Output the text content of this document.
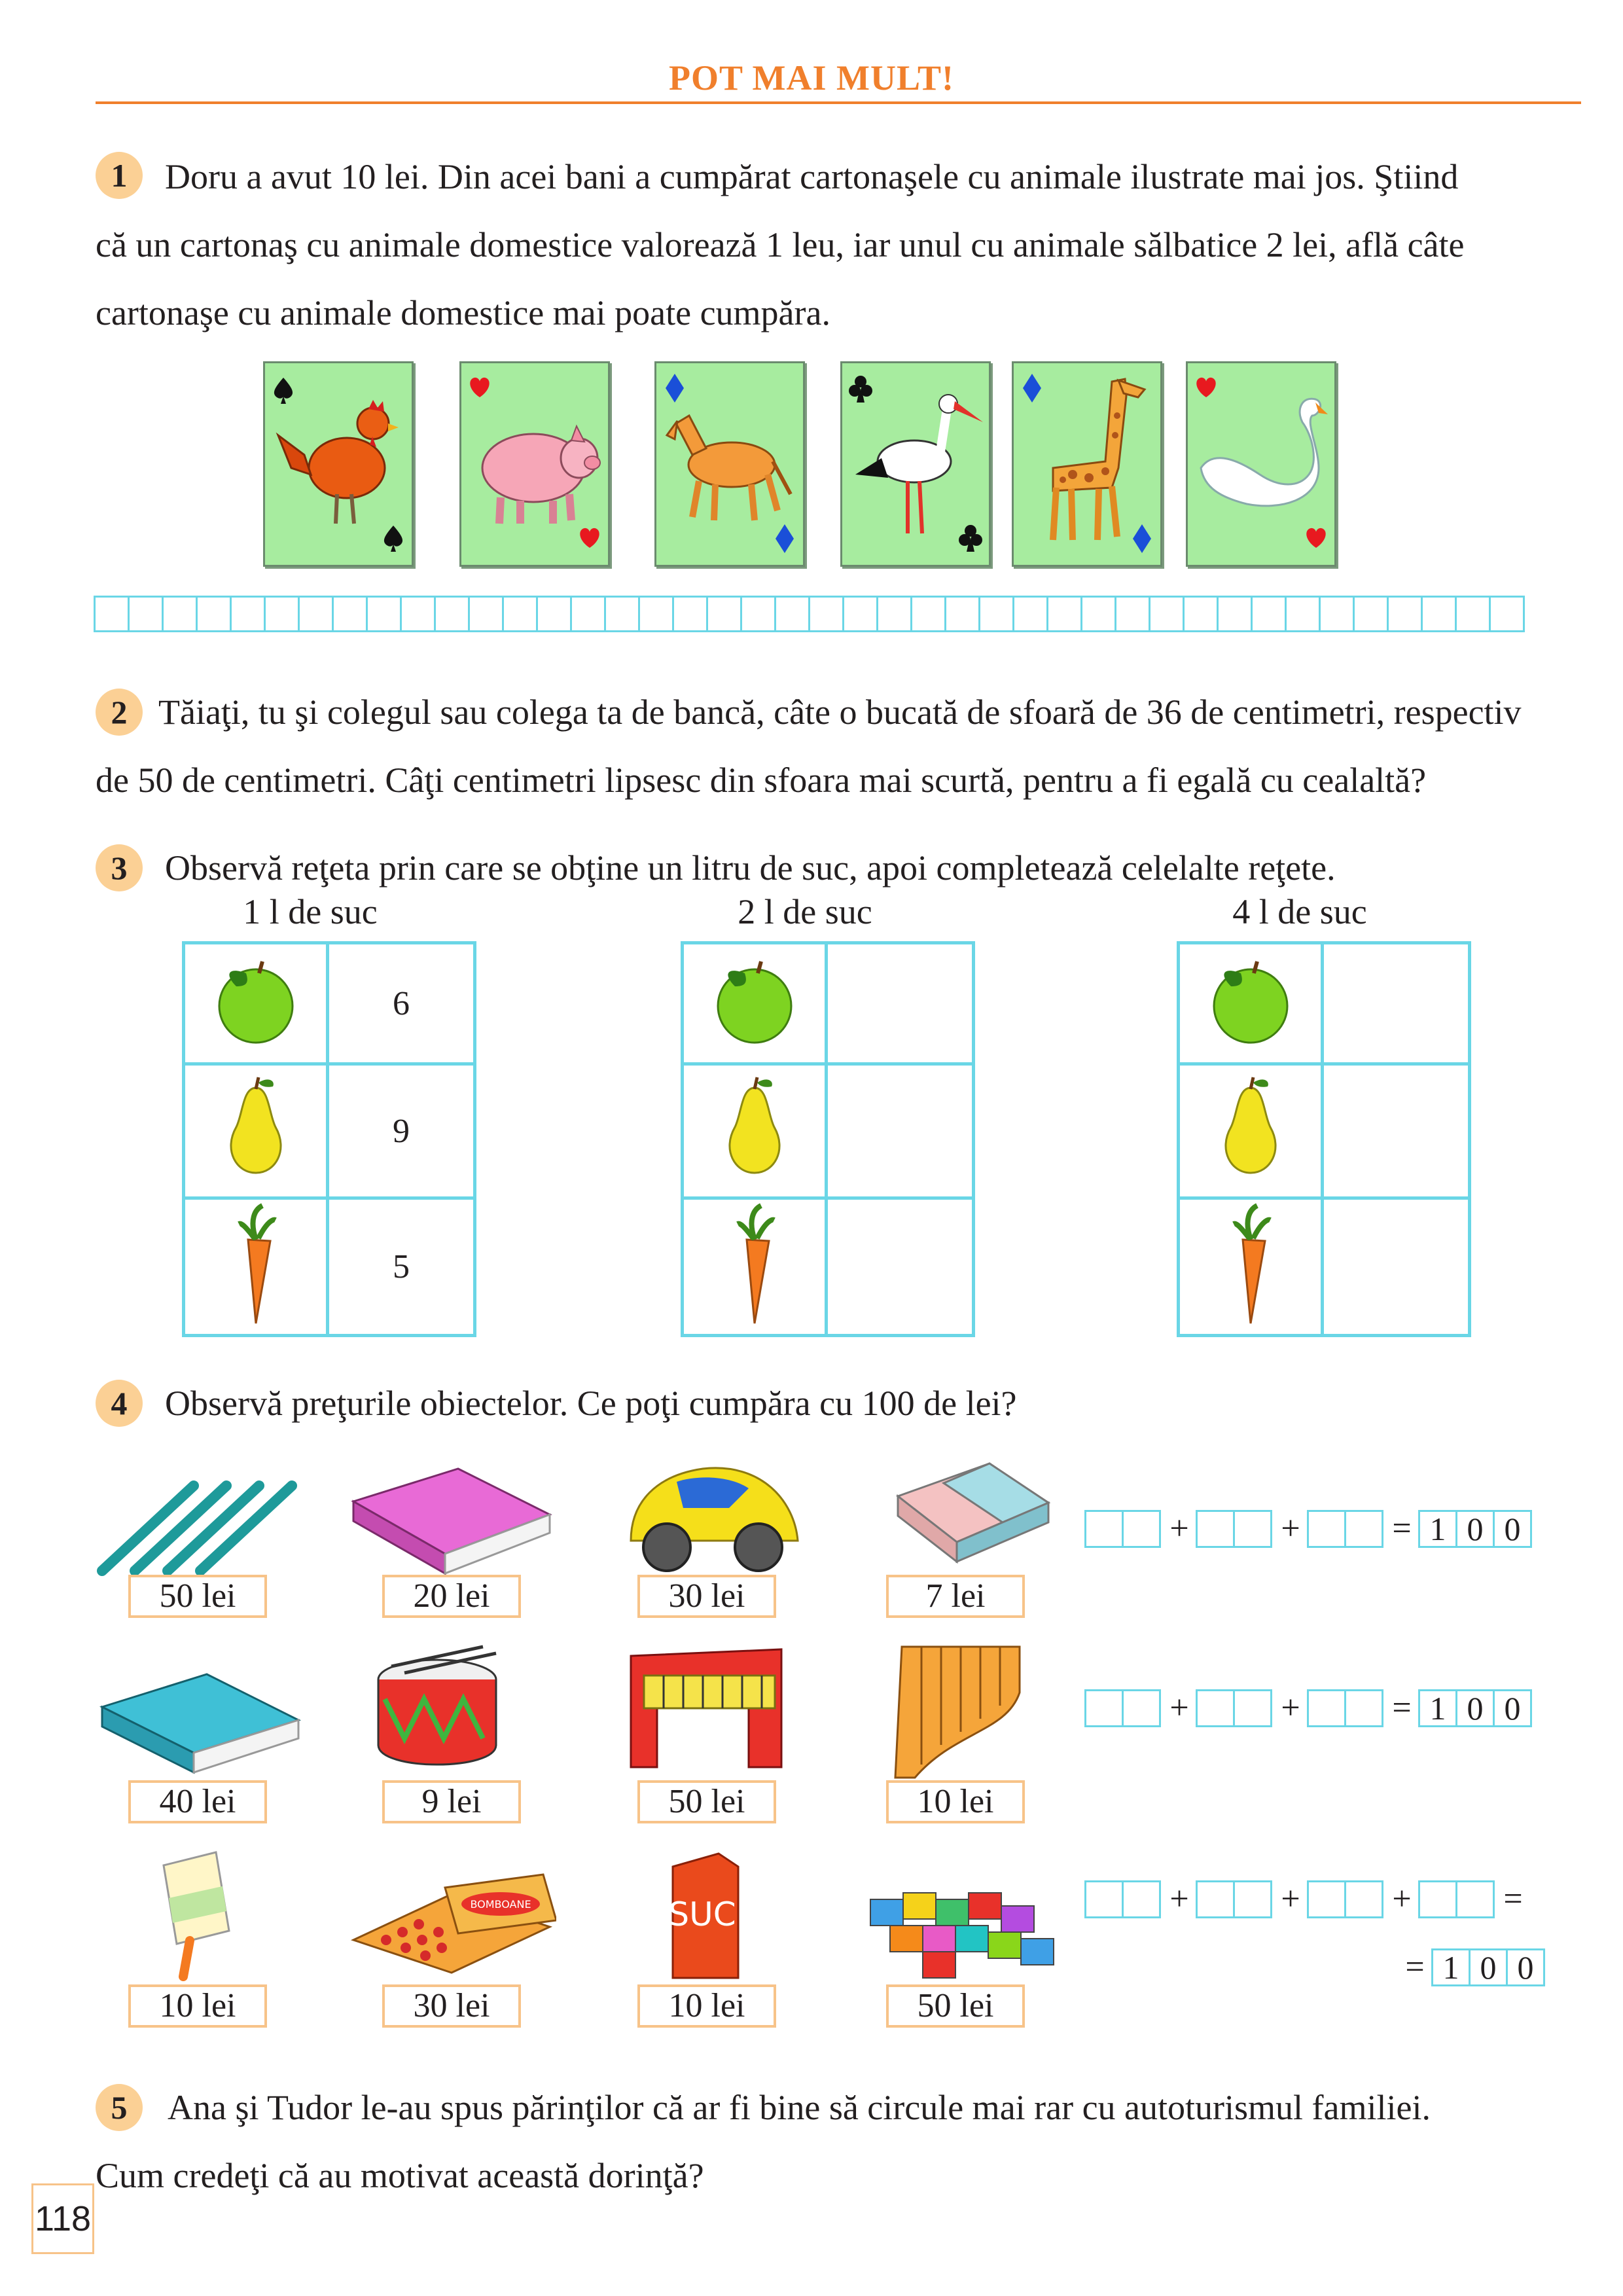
POT MAI MULT!
1	Doru a avut 10 lei. Din acei bani a cumpărat cartonaşele cu animale ilustrate mai jos. Ştiind
că un cartonaş cu animale domestice valorează 1 leu, iar unul cu animale sălbatice 2 lei, află câte
cartonaşe cu animale domestice mai poate cumpăra.
2 Tăiaţi, tu şi colegul sau colega ta de bancă, câte o bucată de sfoară de 36 de centimetri, respectiv
de 50 de centimetri. Câţi centimetri lipsesc din sfoara mai scurtă, pentru a fi egală cu cealaltă?
3	Observă reţeta prin care se obţine un litru de suc, apoi completează celelalte reţete.
1 l de suc	2 l de suc	4 l de suc
	6
	9
	5

4	Observă preţurile obiectelor. Ce poţi cumpăra cu 100 de lei?
50 lei	20 lei	30 lei	7 lei
40 lei	9 lei	50 lei	10 lei
BOMBOANE	SUC
10 lei	30 lei	10 lei	50 lei
+	+	= 1 0 0
+	+	= 1 0 0
+	+	+	=
= 1 0 0
5	Ana şi Tudor le-au spus părinţilor că ar fi bine să circule mai rar cu autoturismul familiei.
Cum credeţi că au motivat această dorinţă?
118
